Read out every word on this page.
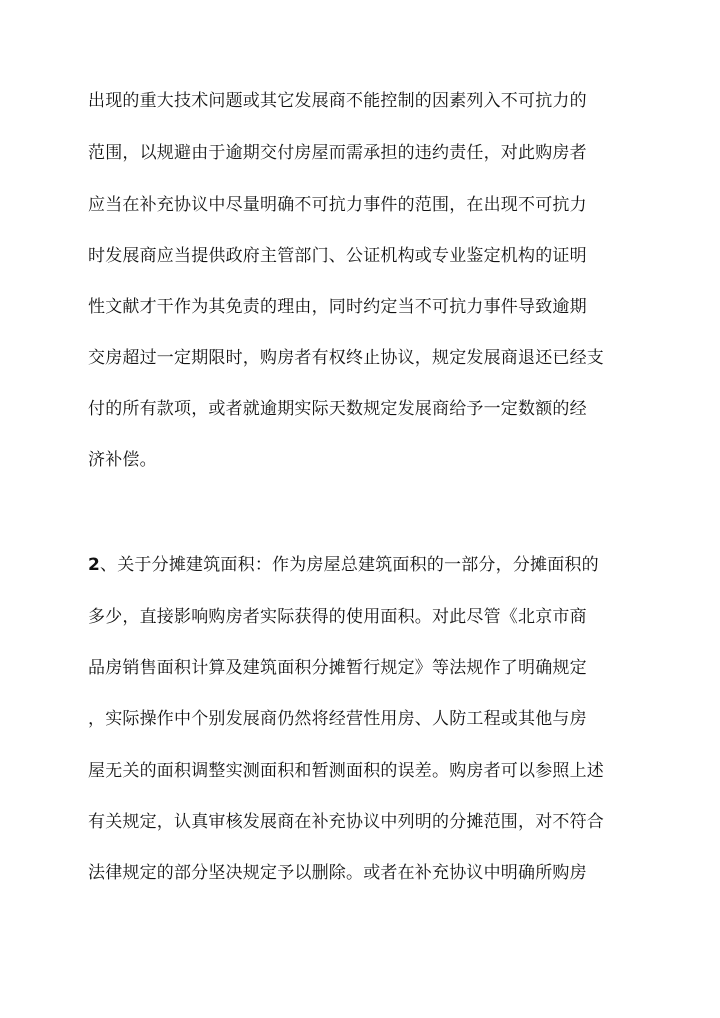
出现的重大技术问题或其它发展商不能控制的因素列入不可抗力的
范围，以规避由于逾期交付房屋而需承担的违约责任，对此购房者
应当在补充协议中尽量明确不可抗力事件的范围，在出现不可抗力
时发展商应当提供政府主管部门、公证机构或专业鉴定机构的证明
性文献才干作为其免责的理由，同时约定当不可抗力事件导致逾期
交房超过一定期限时，购房者有权终止协议，规定发展商退还已经支
付的所有款项，或者就逾期实际天数规定发展商给予一定数额的经
济补偿。
2、关于分摊建筑面积：作为房屋总建筑面积的一部分，分摊面积的
多少，直接影响购房者实际获得的使用面积。对此尽管《北京市商
品房销售面积计算及建筑面积分摊暂行规定》等法规作了明确规定
，实际操作中个别发展商仍然将经营性用房、人防工程或其他与房
屋无关的面积调整实测面积和暂测面积的误差。购房者可以参照上述
有关规定，认真审核发展商在补充协议中列明的分摊范围，对不符合
法律规定的部分坚决规定予以删除。或者在补充协议中明确所购房
